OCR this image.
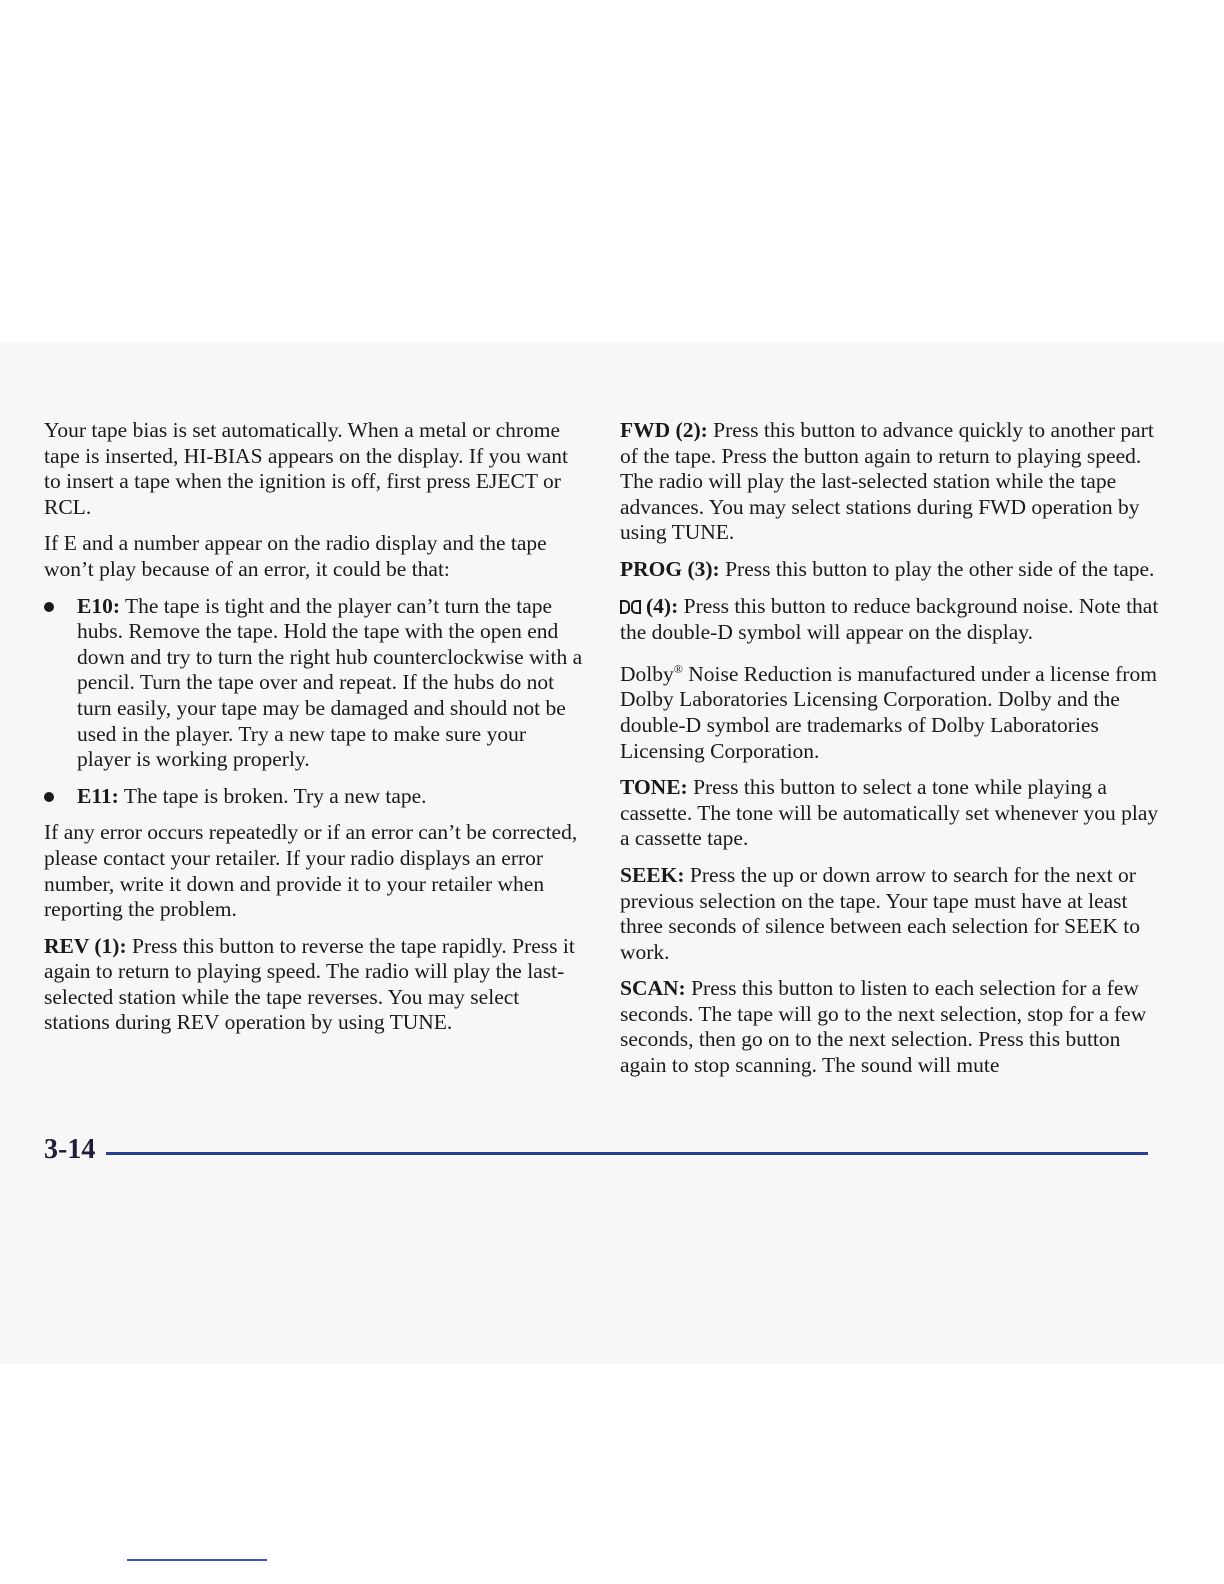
Your tape bias is set automatically. When a metal or chrome tape is inserted, HI-BIAS appears on the display. If you want to insert a tape when the ignition is off, first press EJECT or RCL.

If E and a number appear on the radio display and the tape won’t play because of an error, it could be that:

E10: The tape is tight and the player can’t turn the tape hubs. Remove the tape. Hold the tape with the open end down and try to turn the right hub counterclockwise with a pencil. Turn the tape over and repeat. If the hubs do not turn easily, your tape may be damaged and should not be used in the player. Try a new tape to make sure your player is working properly.
E11: The tape is broken. Try a new tape.

If any error occurs repeatedly or if an error can’t be corrected, please contact your retailer. If your radio displays an error number, write it down and provide it to your retailer when reporting the problem.

REV (1): Press this button to reverse the tape rapidly. Press it again to return to playing speed. The radio will play the last-selected station while the tape reverses. You may select stations during REV operation by using TUNE.

FWD (2): Press this button to advance quickly to another part of the tape. Press the button again to return to playing speed. The radio will play the last-selected station while the tape advances. You may select stations during FWD operation by using TUNE.

PROG (3): Press this button to play the other side of the tape.

(4): Press this button to reduce background noise. Note that the double-D symbol will appear on the display.

Dolby® Noise Reduction is manufactured under a license from Dolby Laboratories Licensing Corporation. Dolby and the double-D symbol are trademarks of Dolby Laboratories Licensing Corporation.

TONE: Press this button to select a tone while playing a cassette. The tone will be automatically set whenever you play a cassette tape.

SEEK: Press the up or down arrow to search for the next or previous selection on the tape. Your tape must have at least three seconds of silence between each selection for SEEK to work.

SCAN: Press this button to listen to each selection for a few seconds. The tape will go to the next selection, stop for a few seconds, then go on to the next selection. Press this button again to stop scanning. The sound will mute

3-14
